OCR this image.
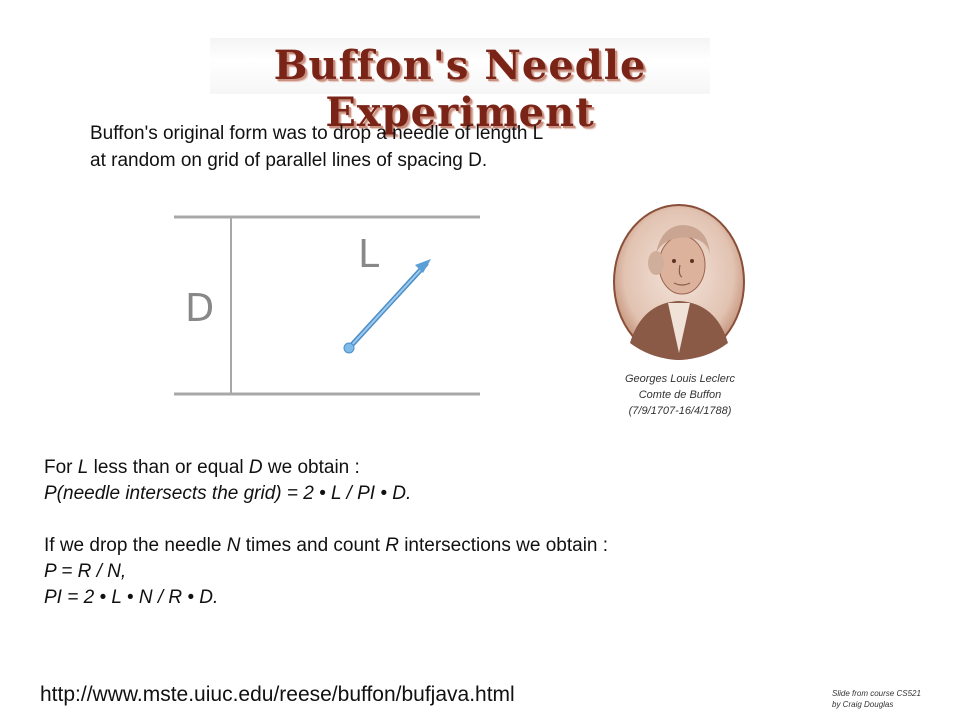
Buffon's Needle Experiment
Buffon's original form was to drop a needle of length L
at random on grid of parallel lines of spacing D.
D
L
Georges Louis Leclerc
Comte de Buffon
(7/9/1707-16/4/1788)
For L less than or equal D we obtain :
P(needle intersects the grid) = 2 • L / PI • D.
If we drop the needle N times and count R intersections we obtain :
P = R / N,
PI = 2 • L • N / R • D.
http://www.mste.uiuc.edu/reese/buffon/bufjava.html	Slide from course CS521
by Craig Douglas
